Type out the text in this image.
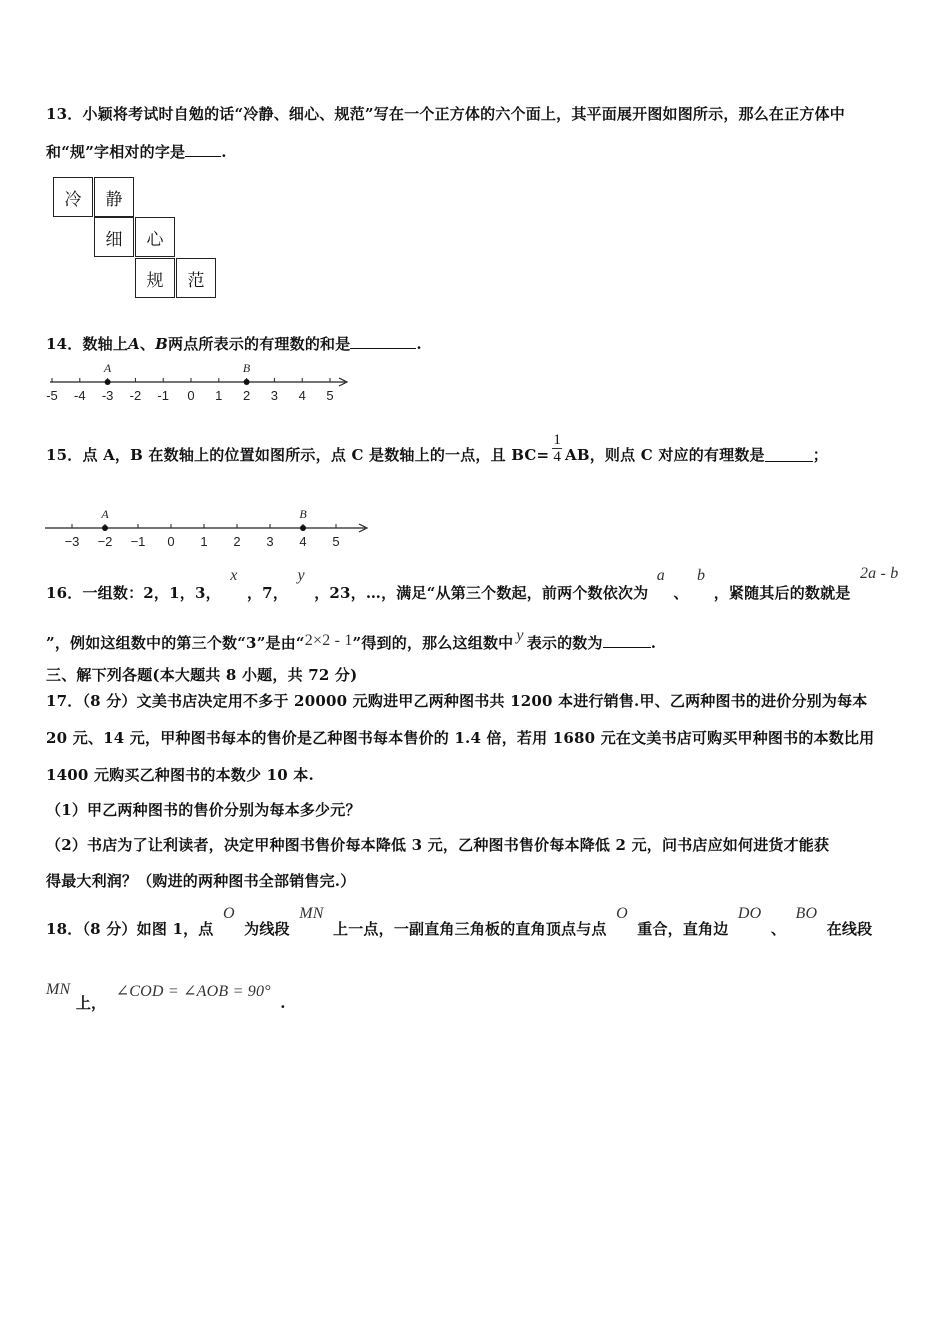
13．小颖将考试时自勉的话“冷静、细心、规范”写在一个正方体的六个面上，其平面展开图如图所示，那么在正方体中
和“规”字相对的字是 .
冷	静
细	心
规	范
14．数轴上A、B两点所表示的有理数的和是	.
-5 -4 -3 -2 -1 0 1 2 3 4 5
A	B
15．点 A，B 在数轴上的位置如图所示，点 C 是数轴上的一点，且 $BC= \frac{1}{4}$ AB，则点 C 对应的有理数是	；
−3 −2 −1 0 1 2 3 4 5
A	B
16．一组数：2，1，3， x ，7， y ，23，…，满足“从第三个数起，前两个数依次为 a 、 b ，紧随其后的数就是 2a - b
”，例如这组数中的第三个数“3”是由“2×2 - 1”得到的，那么这组数中 y 表示的数为	.
三、解下列各题(本大题共 8 小题，共 72 分)
17．（8 分）文美书店决定用不多于 20000 元购进甲乙两种图书共 1200 本进行销售.甲、乙两种图书的进价分别为每本
20 元、14 元，甲种图书每本的售价是乙种图书每本售价的 1.4 倍，若用 1680 元在文美书店可购买甲种图书的本数比用
1400 元购买乙种图书的本数少 10 本.
（1）甲乙两种图书的售价分别为每本多少元？
（2）书店为了让利读者，决定甲种图书售价每本降低 3 元，乙种图书售价每本降低 2 元，问书店应如何进货才能获
得最大利润？（购进的两种图书全部销售完.）
18．（8 分）如图 1，点 O 为线段 MN 上一点，一副直角三角板的直角顶点与点 O 重合，直角边 DO 、 BO 在线段
MN 上， ∠COD = ∠AOB = 90° .
